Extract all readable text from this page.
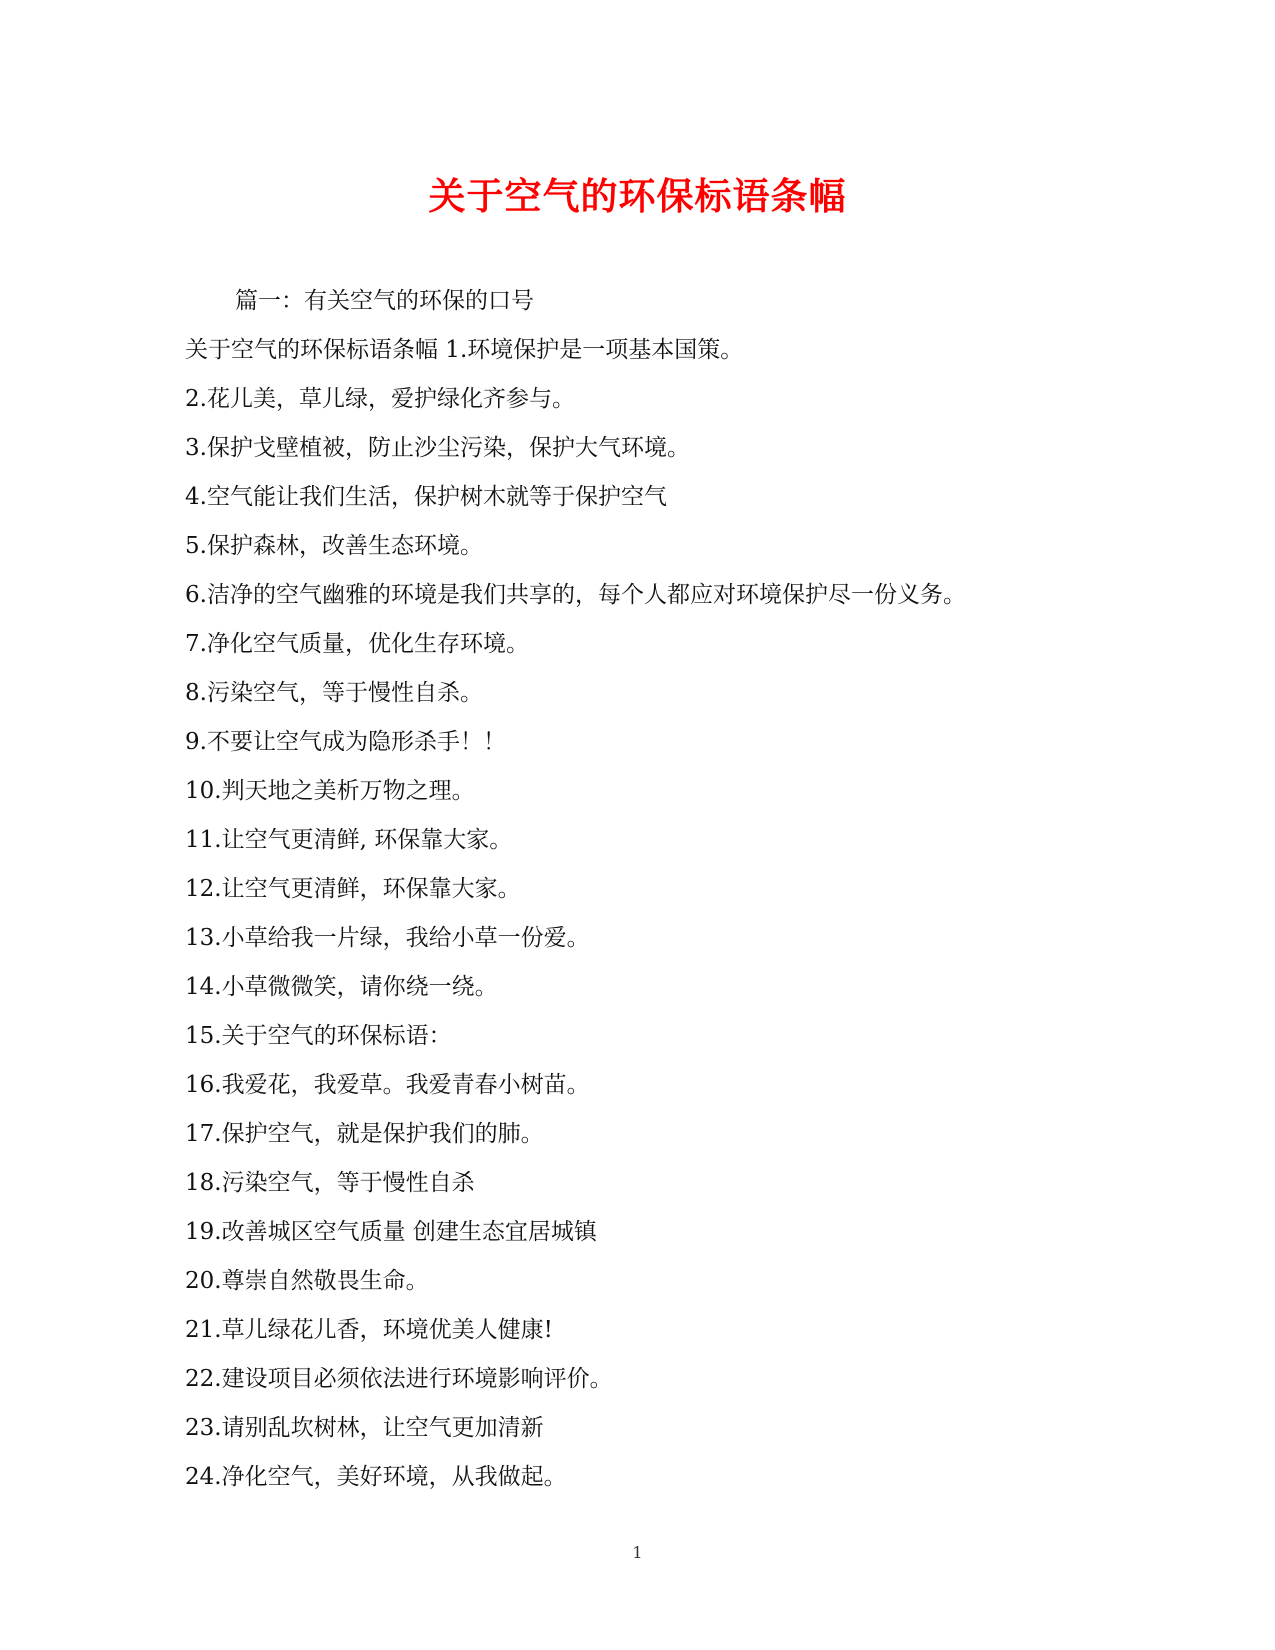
关于空气的环保标语条幅
篇一：有关空气的环保的口号
关于空气的环保标语条幅 1.环境保护是一项基本国策。
2.花儿美，草儿绿，爱护绿化齐参与。
3.保护戈壁植被，防止沙尘污染，保护大气环境。
4.空气能让我们生活，保护树木就等于保护空气
5.保护森林，改善生态环境。
6.洁净的空气幽雅的环境是我们共享的，每个人都应对环境保护尽一份义务。
7.净化空气质量，优化生存环境。
8.污染空气，等于慢性自杀。
9.不要让空气成为隐形杀手！！
10.判天地之美析万物之理。
11.让空气更清鲜, 环保靠大家。
12.让空气更清鲜，环保靠大家。
13.小草给我一片绿，我给小草一份爱。
14.小草微微笑，请你绕一绕。
15.关于空气的环保标语：
16.我爱花，我爱草。我爱青春小树苗。
17.保护空气，就是保护我们的肺。
18.污染空气，等于慢性自杀
19.改善城区空气质量 创建生态宜居城镇
20.尊崇自然敬畏生命。
21.草儿绿花儿香，环境优美人健康!
22.建设项目必须依法进行环境影响评价。
23.请别乱坎树林，让空气更加清新
24.净化空气，美好环境，从我做起。
1
